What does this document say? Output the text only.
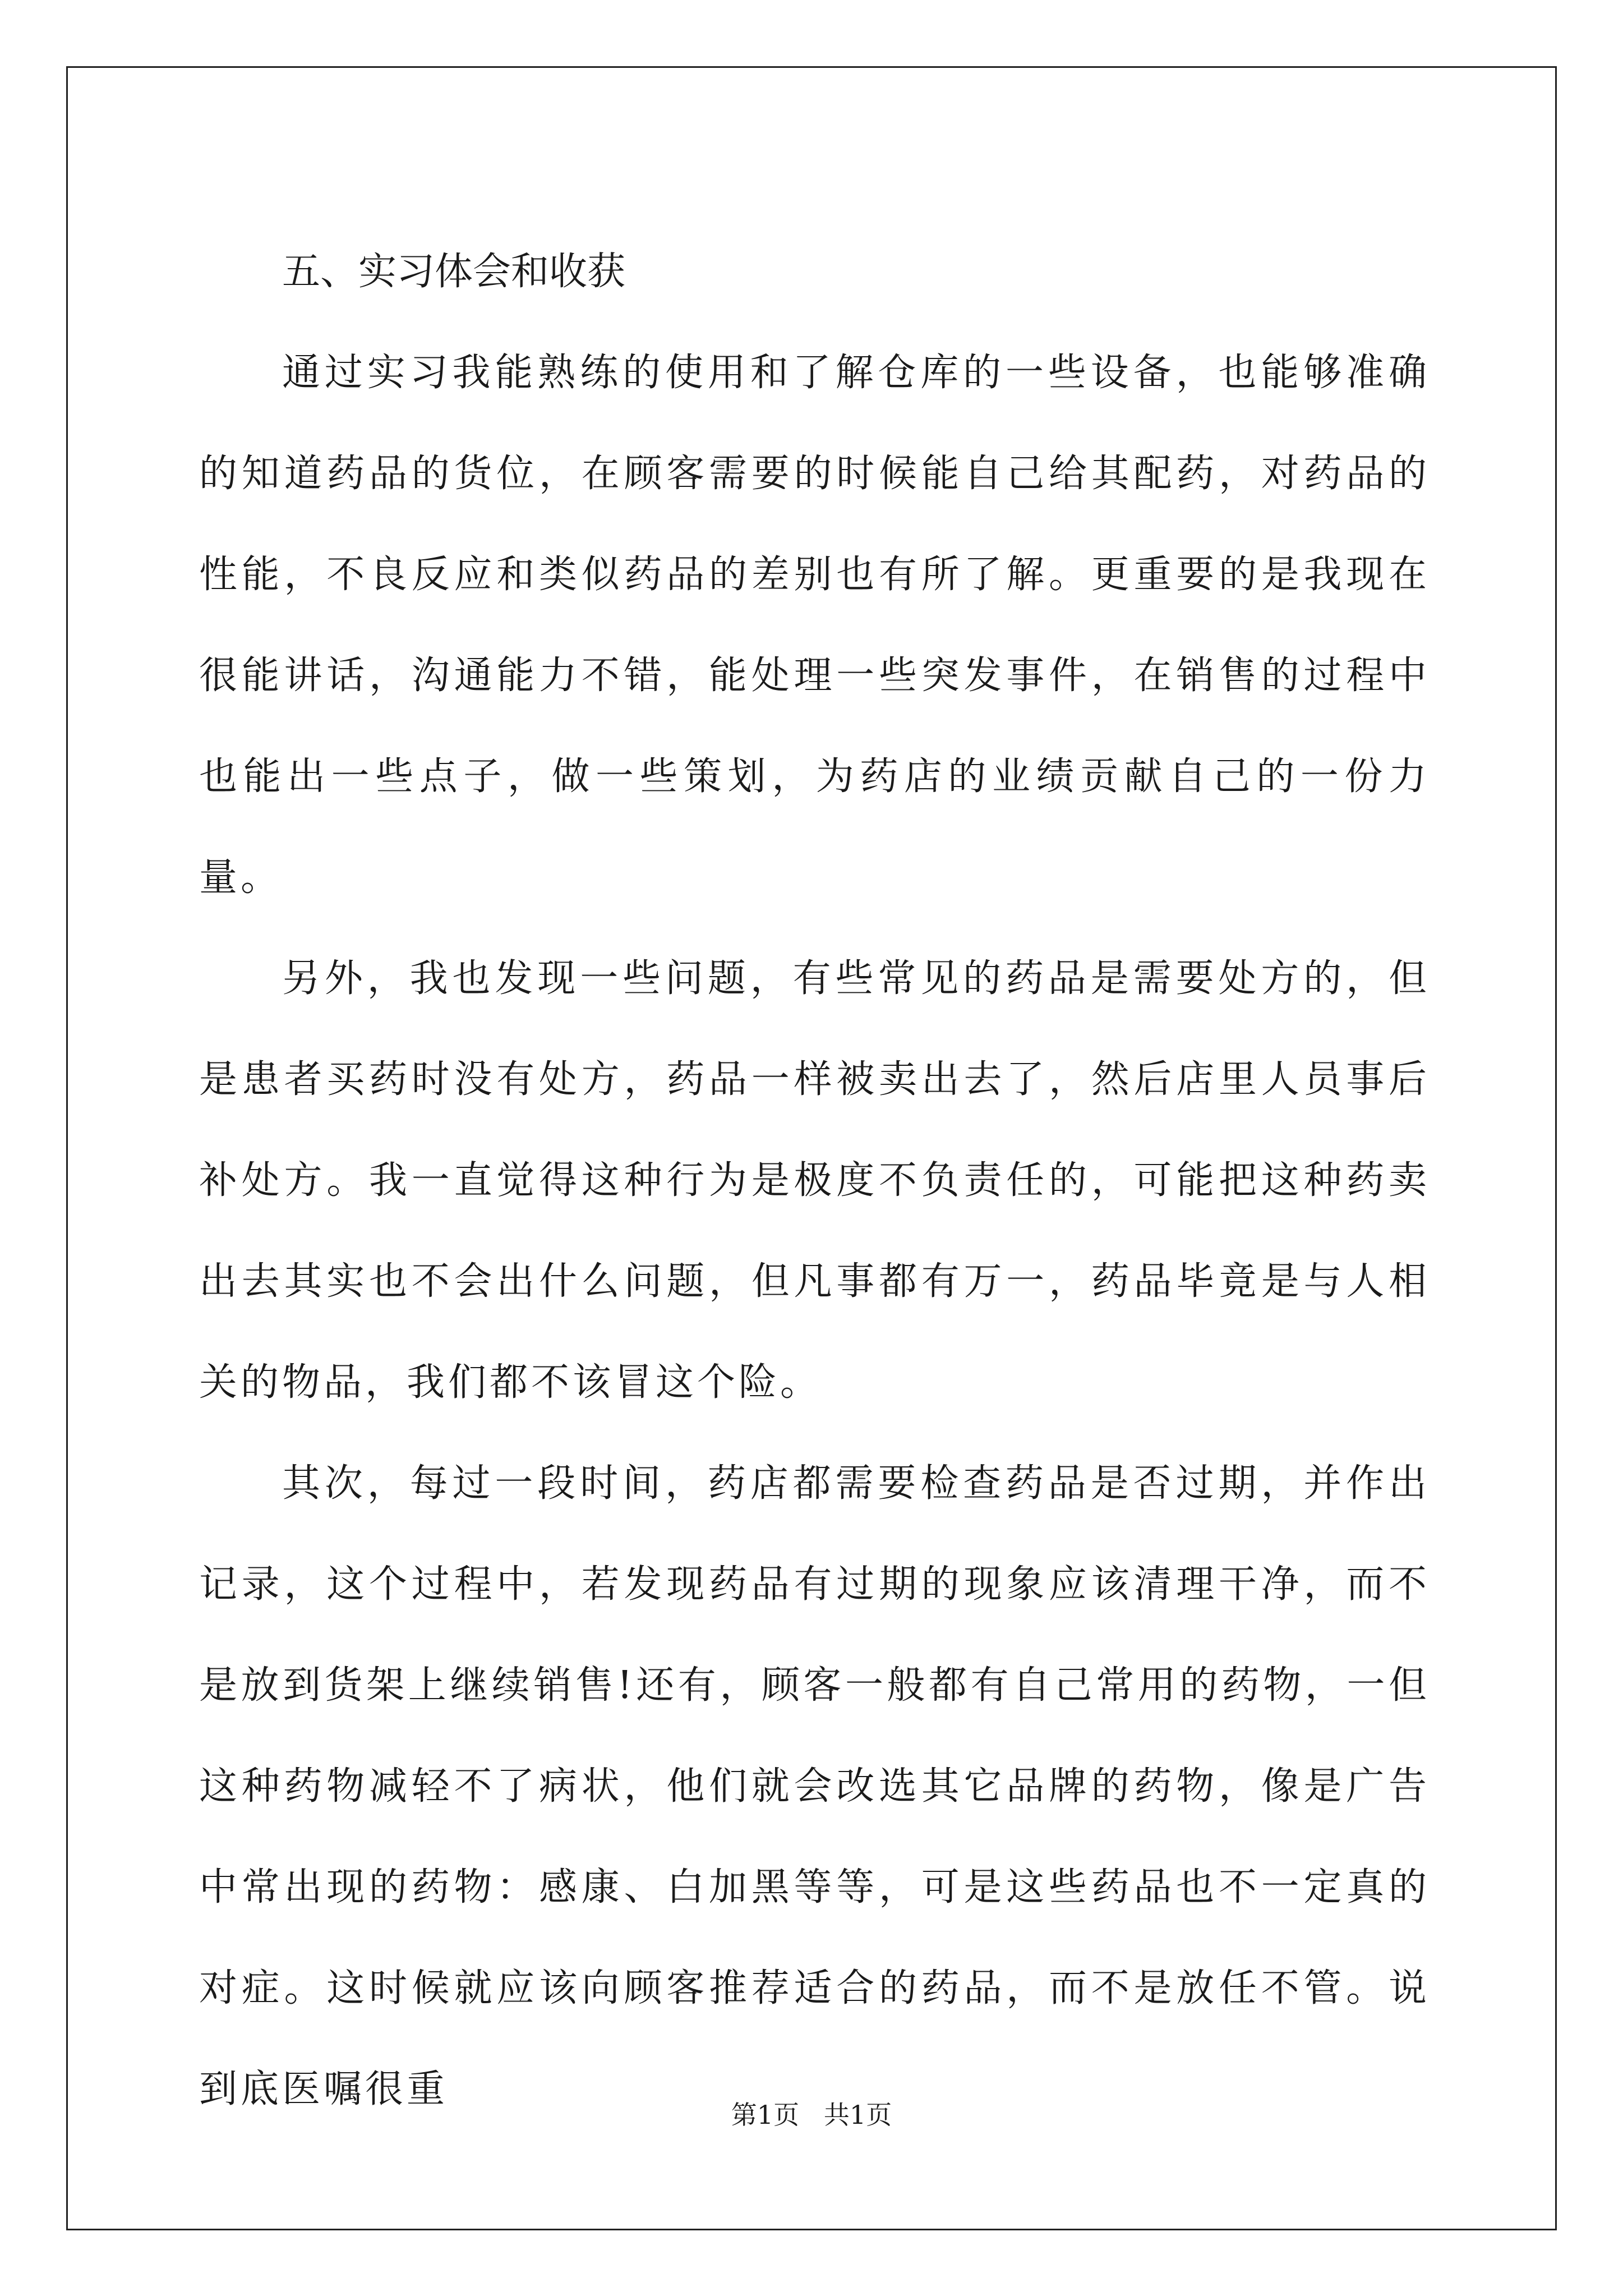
五、实习体会和收获

通过实习我能熟练的使用和了解仓库的一些设备，也能够准确的知道药品的货位，在顾客需要的时候能自己给其配药，对药品的性能，不良反应和类似药品的差别也有所了解。更重要的是我现在很能讲话，沟通能力不错，能处理一些突发事件，在销售的过程中也能出一些点子，做一些策划，为药店的业绩贡献自己的一份力量。

另外，我也发现一些问题，有些常见的药品是需要处方的，但是患者买药时没有处方，药品一样被卖出去了，然后店里人员事后补处方。我一直觉得这种行为是极度不负责任的，可能把这种药卖出去其实也不会出什么问题，但凡事都有万一，药品毕竟是与人相关的物品，我们都不该冒这个险。

其次，每过一段时间，药店都需要检查药品是否过期，并作出记录，这个过程中，若发现药品有过期的现象应该清理干净，而不是放到货架上继续销售!还有，顾客一般都有自己常用的药物，一但这种药物减轻不了病状，他们就会改选其它品牌的药物，像是广告中常出现的药物：感康、白加黑等等，可是这些药品也不一定真的对症。这时候就应该向顾客推荐适合的药品，而不是放任不管。说到底医嘱很重

第1页   共1页
